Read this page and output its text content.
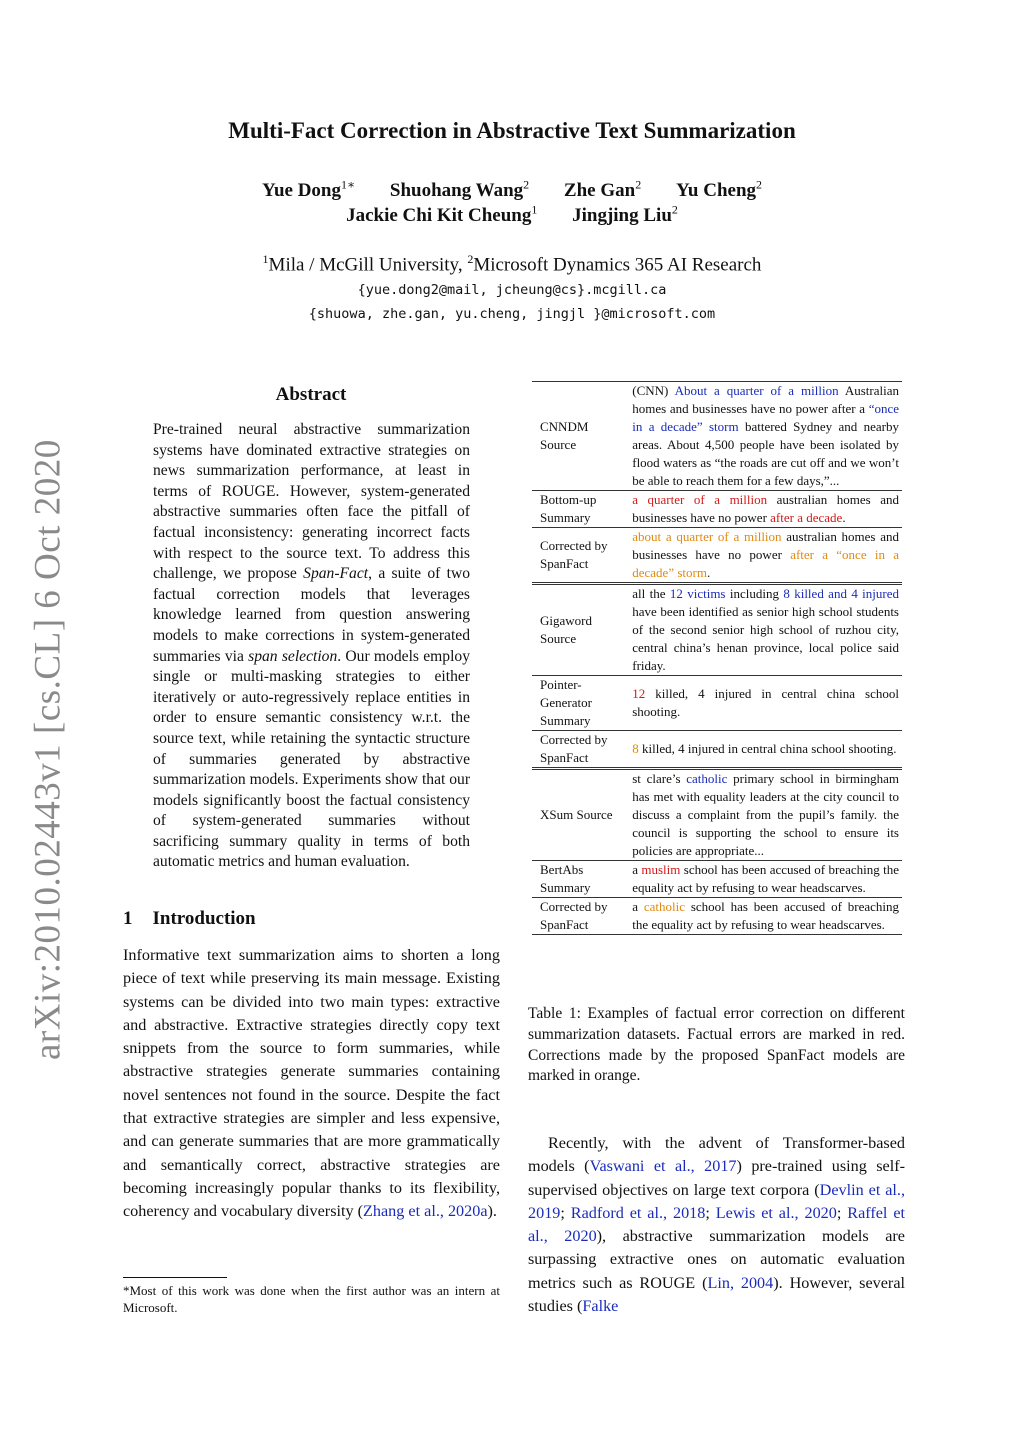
arXiv:2010.02443v1 [cs.CL] 6 Oct 2020
Multi-Fact Correction in Abstractive Text Summarization
Yue Dong$^{1∗}$ Shuohang Wang$^2$ Zhe Gan$^2$ Yu Cheng$^2$
Jackie Chi Kit Cheung$^1$ Jingjing Liu$^2$
$^1$Mila / McGill University, $^2$Microsoft Dynamics 365 AI Research
{yue.dong2@mail, jcheung@cs}.mcgill.ca
{shuowa, zhe.gan, yu.cheng, jingjl }@microsoft.com
Abstract
Pre-trained neural abstractive summarization systems have dominated extractive strategies on news summarization performance, at least in terms of ROUGE. However, system-generated abstractive summaries often face the pitfall of factual inconsistency: generating incorrect facts with respect to the source text. To address this challenge, we propose Span-Fact, a suite of two factual correction models that leverages knowledge learned from question answering models to make corrections in system-generated summaries via span selection. Our models employ single or multi-masking strategies to either iteratively or auto-regressively replace entities in order to ensure semantic consistency w.r.t. the source text, while retaining the syntactic structure of summaries generated by abstractive summarization models. Experiments show that our models significantly boost the factual consistency of system-generated summaries without sacrificing summary quality in terms of both automatic metrics and human evaluation.
1 Introduction
Informative text summarization aims to shorten a long piece of text while preserving its main message. Existing systems can be divided into two main types: extractive and abstractive. Extractive strategies directly copy text snippets from the source to form summaries, while abstractive strategies generate summaries containing novel sentences not found in the source. Despite the fact that extractive strategies are simpler and less expensive, and can generate summaries that are more grammatically and semantically correct, abstractive strategies are becoming increasingly popular thanks to its flexibility, coherency and vocabulary diversity (Zhang et al., 2020a).
*Most of this work was done when the first author was an intern at Microsoft.
CNNDM Source	(CNN) About a quarter of a million Australian homes and businesses have no power after a “once in a decade” storm battered Sydney and nearby areas. About 4,500 people have been isolated by flood waters as “the roads are cut off and we won’t be able to reach them for a few days,”...
Bottom-up Summary	a quarter of a million australian homes and businesses have no power after a decade.
Corrected by SpanFact	about a quarter of a million australian homes and businesses have no power after a “once in a decade” storm.
Gigaword Source	all the 12 victims including 8 killed and 4 injured have been identified as senior high school students of the second senior high school of ruzhou city, central china’s henan province, local police said friday.
Pointer-Generator Summary	12 killed, 4 injured in central china school shooting.
Corrected by SpanFact	8 killed, 4 injured in central china school shooting.
XSum Source	st clare’s catholic primary school in birmingham has met with equality leaders at the city council to discuss a complaint from the pupil’s family. the council is supporting the school to ensure its policies are appropriate...
BertAbs Summary	a muslim school has been accused of breaching the equality act by refusing to wear headscarves.
Corrected by SpanFact	a catholic school has been accused of breaching the equality act by refusing to wear headscarves.
Table 1: Examples of factual error correction on different summarization datasets. Factual errors are marked in red. Corrections made by the proposed SpanFact models are marked in orange.
Recently, with the advent of Transformer-based models (Vaswani et al., 2017) pre-trained using self-supervised objectives on large text corpora (Devlin et al., 2019; Radford et al., 2018; Lewis et al., 2020; Raffel et al., 2020), abstractive summarization models are surpassing extractive ones on automatic evaluation metrics such as ROUGE (Lin, 2004). However, several studies (Falke
